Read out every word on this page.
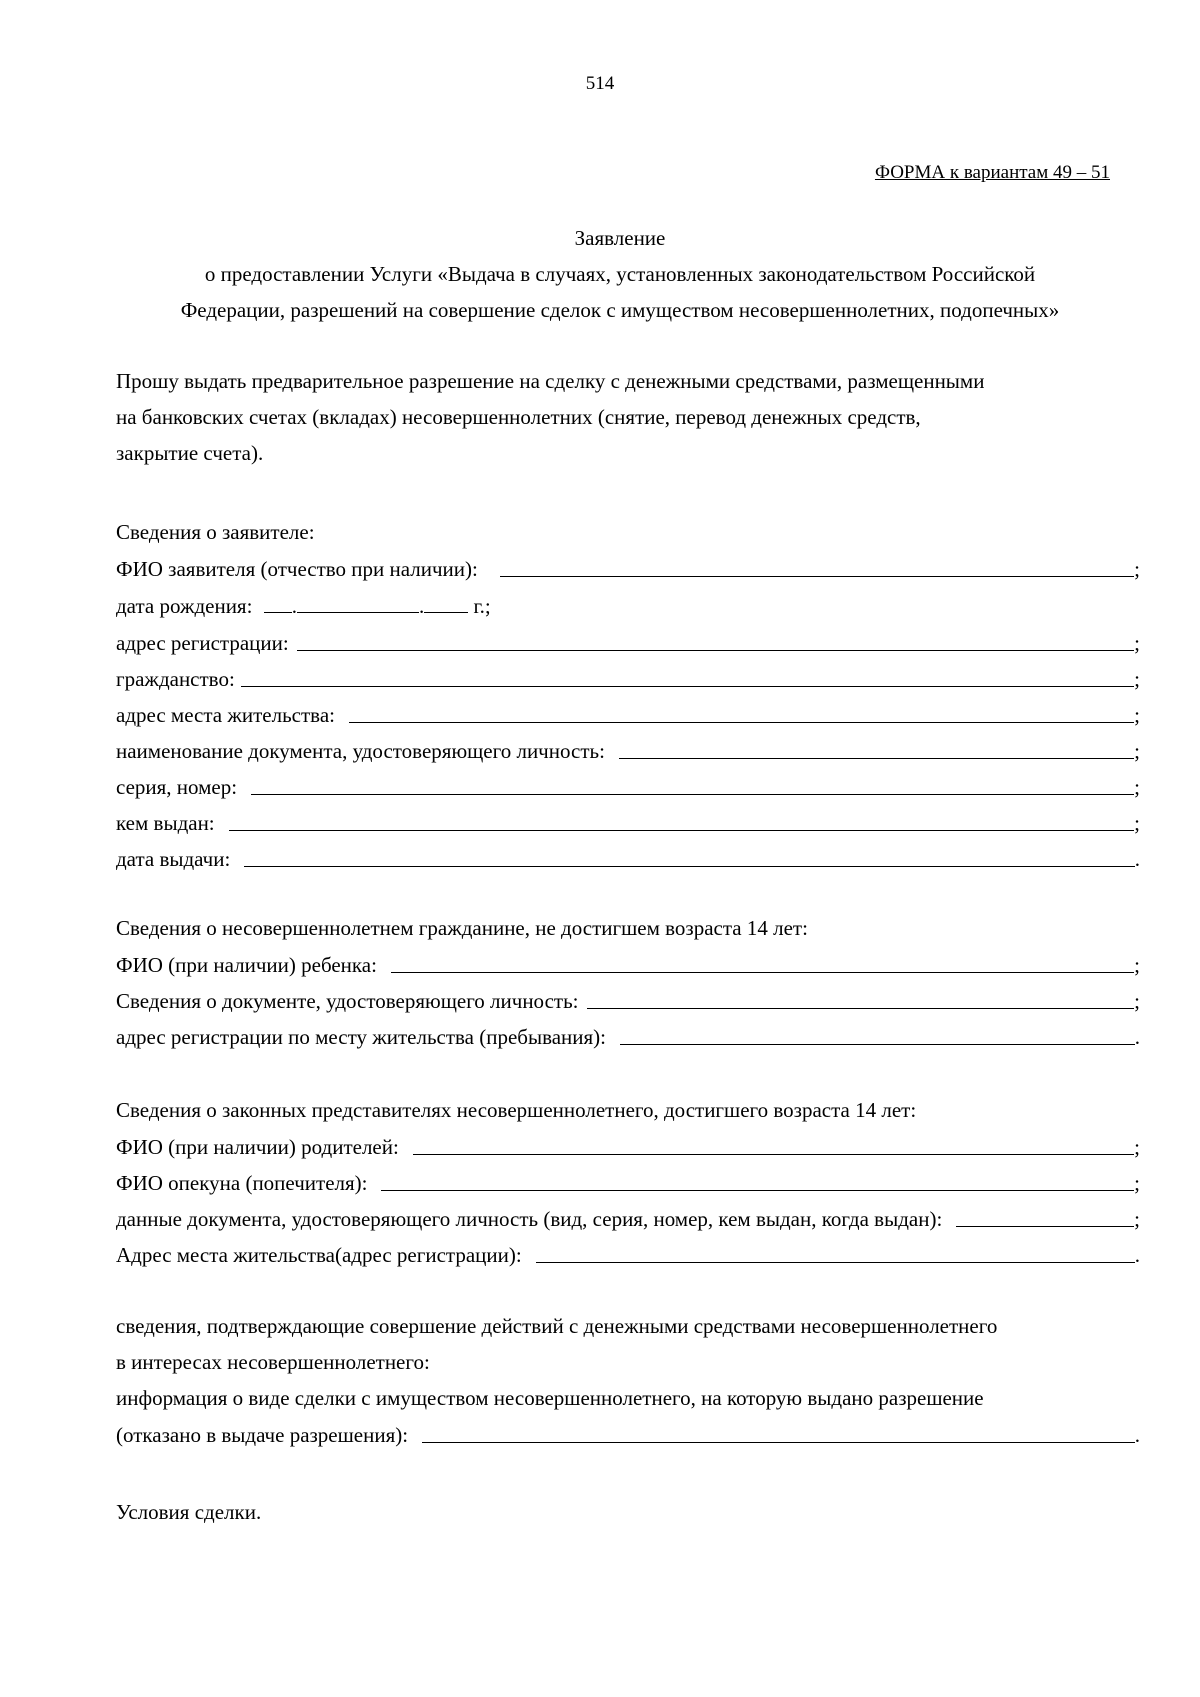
514
ФОРМА к вариантам 49 – 51
Заявление
о предоставлении Услуги «Выдача в случаях, установленных законодательством Российской
Федерации, разрешений на совершение сделок с имуществом несовершеннолетних, подопечных»
Прошу выдать предварительное разрешение на сделку с денежными средствами, размещенными
на банковских счетах (вкладах) несовершеннолетних (снятие, перевод денежных средств,
закрытие счета).
Сведения о заявителе:
ФИО заявителя (отчество при наличии):	;
дата рождения: .	. г.;
адрес регистрации:	;
гражданство:	;
адрес места жительства:	;
наименование документа, удостоверяющего личность:	;
серия, номер:	;
кем выдан:	;
дата выдачи:	.
Сведения о несовершеннолетнем гражданине, не достигшем возраста 14 лет:
ФИО (при наличии) ребенка:	;
Сведения о документе, удостоверяющего личность:	;
адрес регистрации по месту жительства (пребывания):	.
Сведения о законных представителях несовершеннолетнего, достигшего возраста 14 лет:
ФИО (при наличии) родителей:	;
ФИО опекуна (попечителя):	;
данные документа, удостоверяющего личность (вид, серия, номер, кем выдан, когда выдан):	;
Адрес места жительства(адрес регистрации):	.
сведения, подтверждающие совершение действий с денежными средствами несовершеннолетнего
в интересах несовершеннолетнего:
информация о виде сделки с имуществом несовершеннолетнего, на которую выдано разрешение
(отказано в выдаче разрешения):	.
Условия сделки.
